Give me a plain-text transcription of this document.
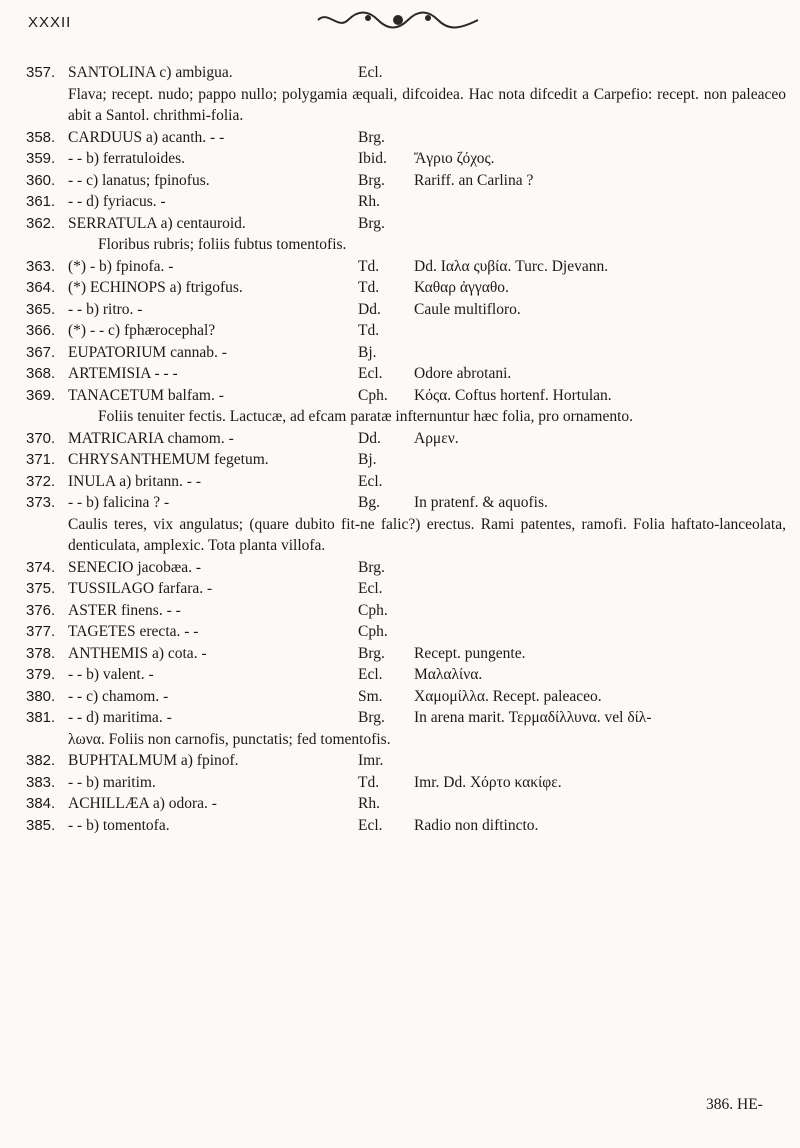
XXXII
357. SANTOLINA c) ambigua.	Ecl.
Flava; recept. nudo; pappo nullo; polygamia æquali, difcoidea. Hac nota difcedit a Carpefio: recept. non paleaceo abit a Santol. chrithmi-folia.
358. CARDUUS a) acanth. - -	Brg.
359. - - b) ferratuloides.	Ibid.	Ἄγριο ζόχος.
360. - - c) lanatus; fpinofus.	Brg.	Rariff. an Carlina ?
361. - - d) fyriacus. -	Rh.
362. SERRATULA a) centauroid.	Brg.
Floribus rubris; foliis fubtus tomentofis.
363. (*) - b) fpinofa. -	Td.	Dd. Ιαλα ςυβία. Turc. Djevann.
364. (*) ECHINOPS a) ftrigofus.	Td.	Καθαρ ἀγγαθο.
365. - - b) ritro. -	Dd.	Caule multifloro.
366. (*) - - c) fphærocephal?	Td.
367. EUPATORIUM cannab. -	Bj.
368. ARTEMISIA - - -	Ecl.	Odore abrotani.
369. TANACETUM balfam. -	Cph.	Κόςα. Coftus hortenf. Hortulan.
Foliis tenuiter fectis. Lactucæ, ad efcam paratæ infternuntur hæc folia, pro ornamento.
370. MATRICARIA chamom. -	Dd.	Αρμεν.
371. CHRYSANTHEMUM fegetum.	Bj.
372. INULA a) britann. - -	Ecl.
373. - - b) falicina ? -	Bg.	In pratenf. & aquofis.
Caulis teres, vix angulatus; (quare dubito fit-ne falic?) erectus. Rami patentes, ramofi. Folia haftato-lanceolata, denticulata, amplexic. Tota planta villofa.
374. SENECIO jacobæa. -	Brg.
375. TUSSILAGO farfara. -	Ecl.
376. ASTER finens. - -	Cph.
377. TAGETES erecta. - -	Cph.
378. ANTHEMIS a) cota. -	Brg.	Recept. pungente.
379. - - b) valent. -	Ecl.	Μαλαλίνα.
380. - - c) chamom. -	Sm.	Χαμομίλλα. Recept. paleaceo.
381. - - d) maritima. -	Brg.	In arena marit. Τερμαδίλλυνα. vel δίλ-
λωνα. Foliis non carnofis, punctatis; fed tomentofis.
382. BUPHTALMUM a) fpinof.	Imr.
383. - - b) maritim.	Td.	Imr. Dd. Χόρτο κακίφε.
384. ACHILLÆA a) odora. -	Rh.
385. - - b) tomentofa.	Ecl.	Radio non diftincto.
386. HE-
